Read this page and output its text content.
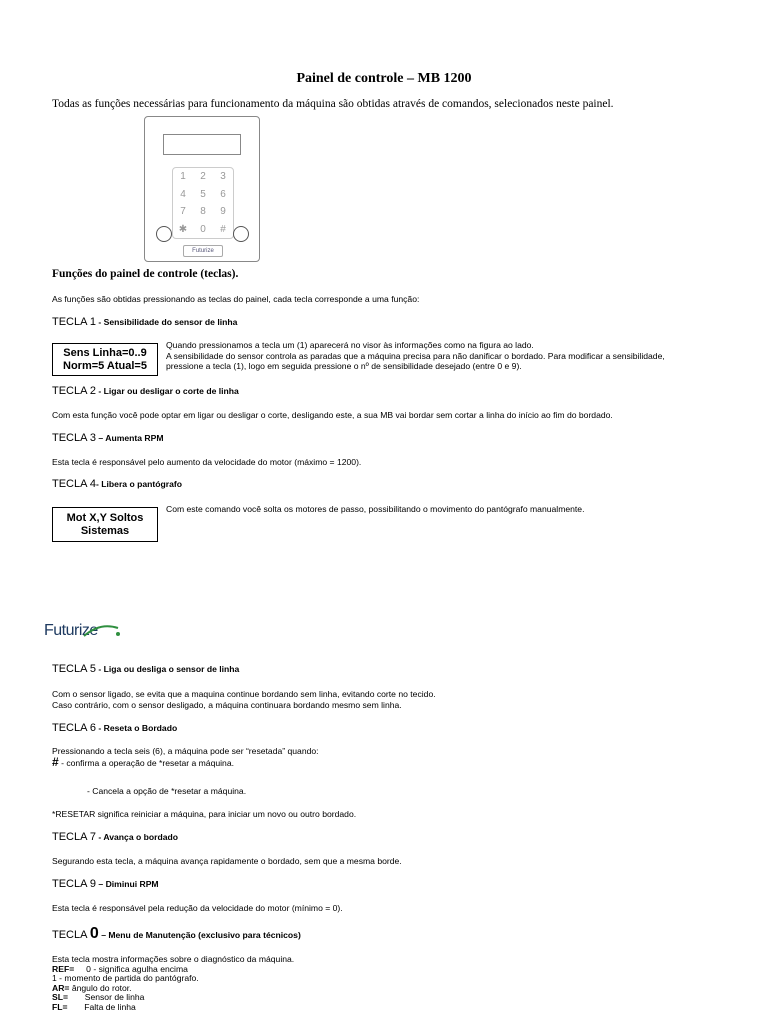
Painel de controle – MB 1200
Todas as funções necessárias para funcionamento da máquina são obtidas através de comandos, selecionados neste painel.
1	2	3
4	5	6
7	8	9
✱	0	#
Futurize
Funções do painel de controle (teclas).
As funções são obtidas pressionando as teclas do painel, cada tecla corresponde a uma função:
TECLA 1 - Sensibilidade do sensor de linha
Sens Linha=0..9
Norm=5 Atual=5
Quando pressionamos a tecla um (1) aparecerá no visor às informações como na figura ao lado.
A sensibilidade do sensor controla as paradas que a máquina precisa para não danificar o bordado. Para modificar a sensibilidade,
pressione a tecla (1), logo em seguida pressione o nº de sensibilidade desejado (entre 0 e 9).
TECLA 2 - Ligar ou desligar o corte de linha
Com esta função você pode optar em ligar ou desligar o corte, desligando este, a sua MB vai bordar sem cortar a linha do início ao fim do bordado.
TECLA 3 – Aumenta RPM
Esta tecla é responsável pelo aumento da velocidade do motor (máximo = 1200).
TECLA 4- Libera o pantógrafo
Mot X,Y Soltos
Sistemas
Com este comando você solta os motores de passo, possibilitando o movimento do pantógrafo manualmente.
Futurize
TECLA 5 - Liga ou desliga o sensor de linha
Com o sensor ligado, se evita que a maquina continue bordando sem linha, evitando corte no tecido.
Caso contrário, com o sensor desligado, a máquina continuara bordando mesmo sem linha.
TECLA 6 - Reseta o Bordado
Pressionando a tecla seis (6), a máquina pode ser “resetada” quando:
# - confirma a operação de *resetar a máquina.
- Cancela a opção de *resetar a máquina.
*RESETAR significa reiniciar a máquina, para iniciar um novo ou outro bordado.
TECLA 7 - Avança o bordado
Segurando esta tecla, a máquina avança rapidamente o bordado, sem que a mesma borde.
TECLA 9 – Diminui RPM
Esta tecla é responsável pela redução da velocidade do motor (mínimo = 0).
TECLA 0 – Menu de Manutenção (exclusivo para técnicos)
Esta tecla mostra informações sobre o diagnóstico da máquina.
REF=     0 - significa agulha encima
1 - momento de partida do pantógrafo.
AR= ângulo do rotor.
SL=       Sensor de linha
FL=       Falta de linha
